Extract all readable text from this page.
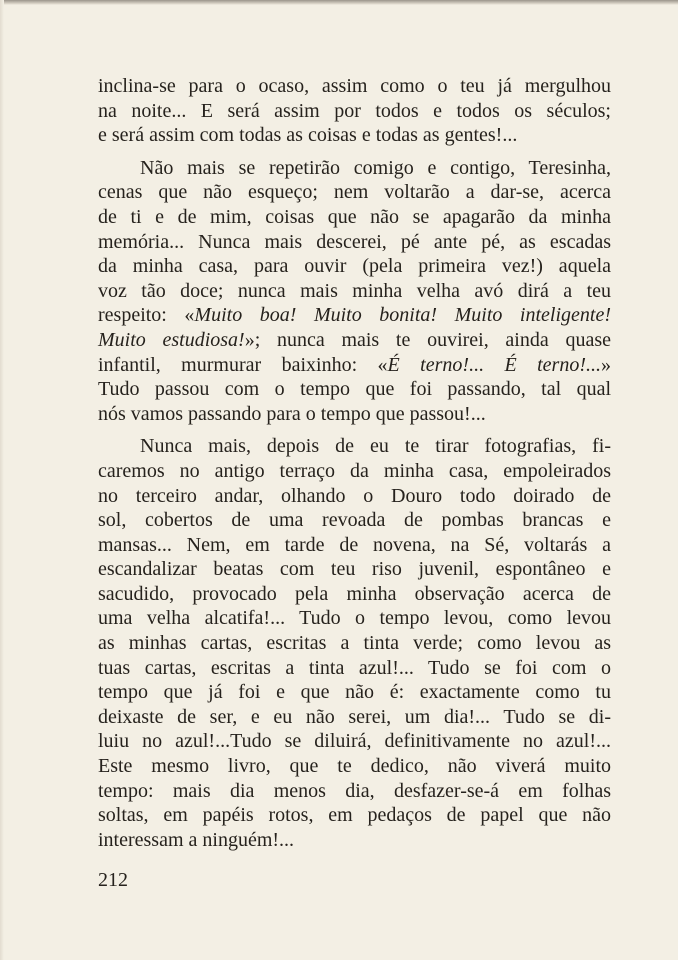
inclina-se para o ocaso, assim como o teu já mergulhou
na noite... E será assim por todos e todos os séculos;
e será assim com todas as coisas e todas as gentes!...
Não mais se repetirão comigo e contigo, Teresinha,
cenas que não esqueço; nem voltarão a dar-se, acerca
de ti e de mim, coisas que não se apagarão da minha
memória... Nunca mais descerei, pé ante pé, as escadas
da minha casa, para ouvir (pela primeira vez!) aquela
voz tão doce; nunca mais minha velha avó dirá a teu
respeito: «Muito boa! Muito bonita! Muito inteligente!
Muito estudiosa!»; nunca mais te ouvirei, ainda quase
infantil, murmurar baixinho: «É terno!... É terno!...»
Tudo passou com o tempo que foi passando, tal qual
nós vamos passando para o tempo que passou!...
Nunca mais, depois de eu te tirar fotografias, fi-
caremos no antigo terraço da minha casa, empoleirados
no terceiro andar, olhando o Douro todo doirado de
sol, cobertos de uma revoada de pombas brancas e
mansas... Nem, em tarde de novena, na Sé, voltarás a
escandalizar beatas com teu riso juvenil, espontâneo e
sacudido, provocado pela minha observação acerca de
uma velha alcatifa!... Tudo o tempo levou, como levou
as minhas cartas, escritas a tinta verde; como levou as
tuas cartas, escritas a tinta azul!... Tudo se foi com o
tempo que já foi e que não é: exactamente como tu
deixaste de ser, e eu não serei, um dia!... Tudo se di-
luiu no azul!...Tudo se diluirá, definitivamente no azul!...
Este mesmo livro, que te dedico, não viverá muito
tempo: mais dia menos dia, desfazer-se-á em folhas
soltas, em papéis rotos, em pedaços de papel que não
interessam a ninguém!...
212
